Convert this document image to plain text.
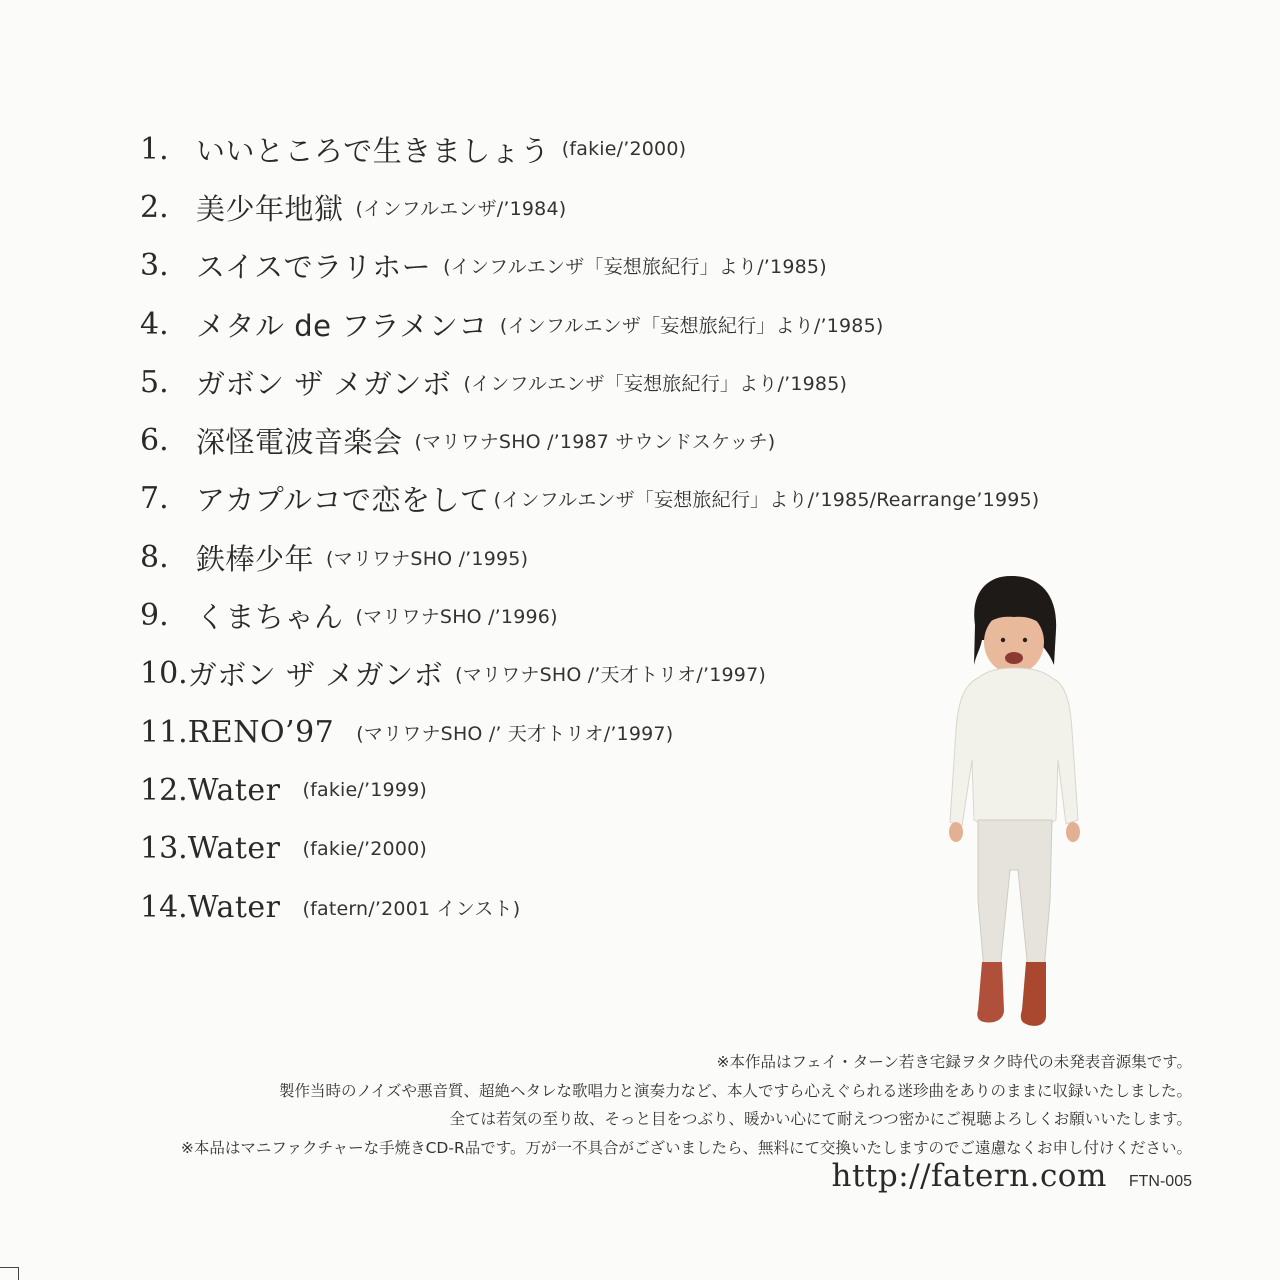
1. いいところで生きましょう (fakie/’2000)
2. 美少年地獄 (インフルエンザ/’1984)
3. スイスでラリホー (インフルエンザ「妄想旅紀行」より/’1985)
4. メタル de フラメンコ (インフルエンザ「妄想旅紀行」より/’1985)
5. ガボン ザ メガンボ (インフルエンザ「妄想旅紀行」より/’1985)
6. 深怪電波音楽会 (マリワナSHO /’1987 サウンドスケッチ)
7. アカプルコで恋をして (インフルエンザ「妄想旅紀行」より/’1985/Rearrange’1995)
8. 鉄棒少年 (マリワナSHO /’1995)
9. くまちゃん (マリワナSHO /’1996)
10. ガボン ザ メガンボ (マリワナSHO /’天才トリオ/’1997)
11. RENO’97 (マリワナSHO /’ 天才トリオ/’1997)
12. Water (fakie/’1999)
13. Water (fakie/’2000)
14. Water (fatern/’2001 インスト)

※本作品はフェイ・ターン若き宅録ヲタク時代の未発表音源集です。

製作当時のノイズや悪音質、超絶ヘタレな歌唱力と演奏力など、本人ですら心えぐられる迷珍曲をありのままに収録いたしました。

全ては若気の至り故、そっと目をつぶり、暖かい心にて耐えつつ密かにご視聴よろしくお願いいたします。

※本品はマニファクチャーな手焼きCD-R品です。万が一不具合がございましたら、無料にて交換いたしますのでご遠慮なくお申し付けください。

http://fatern.com FTN-005
